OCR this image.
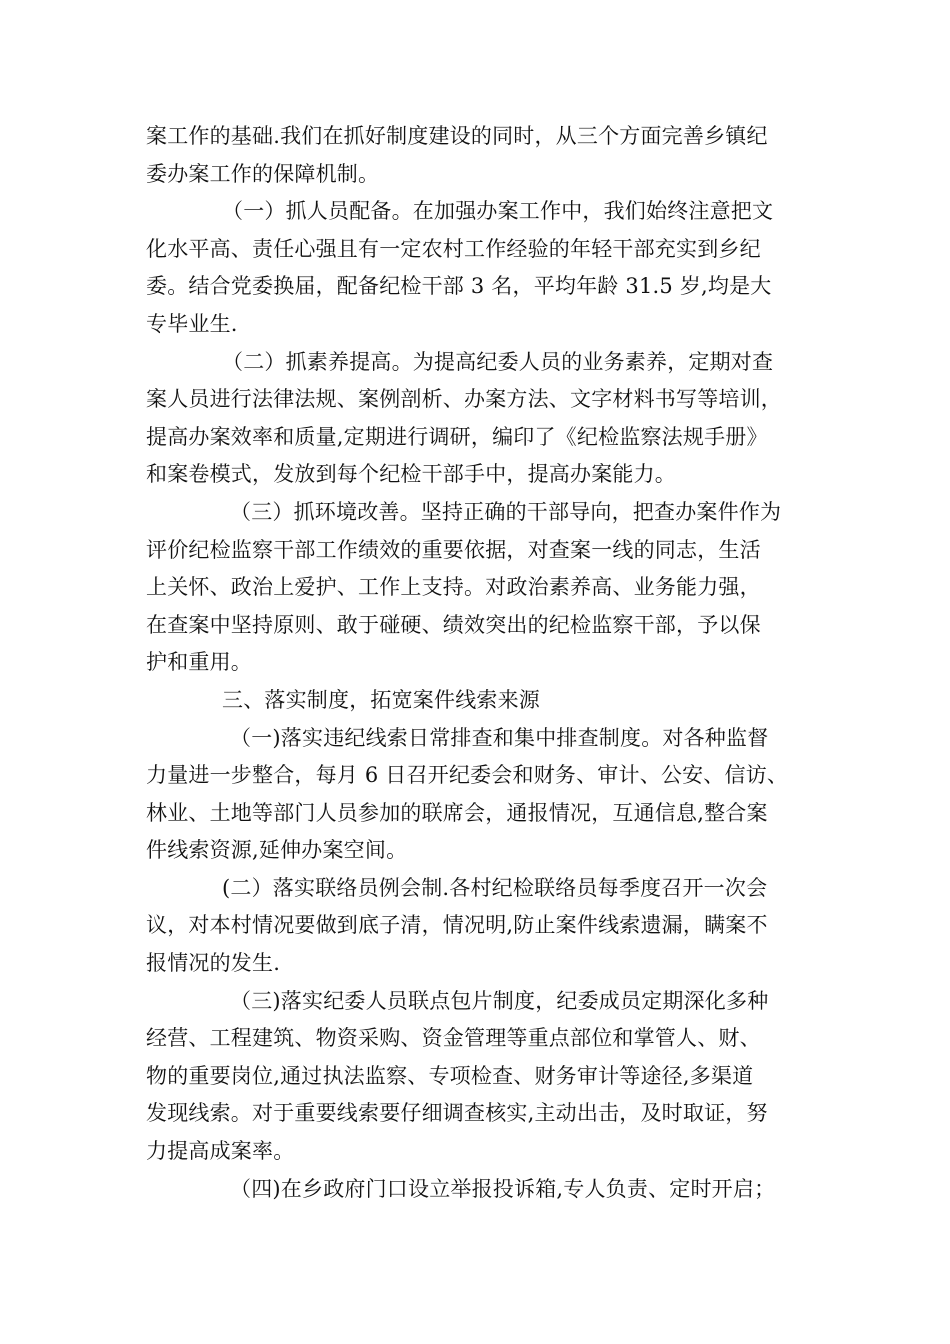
案工作的基础.我们在抓好制度建设的同时，从三个方面完善乡镇纪
委办案工作的保障机制。
（一）抓人员配备。在加强办案工作中，我们始终注意把文
化水平高、责任心强且有一定农村工作经验的年轻干部充实到乡纪
委。结合党委换届，配备纪检干部 3 名，平均年龄 31.5 岁,均是大
专毕业生.
（二）抓素养提高。为提高纪委人员的业务素养，定期对查
案人员进行法律法规、案例剖析、办案方法、文字材料书写等培训，
提高办案效率和质量,定期进行调研，编印了《纪检监察法规手册》
和案卷模式，发放到每个纪检干部手中，提高办案能力。
（三）抓环境改善。坚持正确的干部导向，把查办案件作为
评价纪检监察干部工作绩效的重要依据，对查案一线的同志，生活
上关怀、政治上爱护、工作上支持。对政治素养高、业务能力强，
在查案中坚持原则、敢于碰硬、绩效突出的纪检监察干部，予以保
护和重用。
三、落实制度，拓宽案件线索来源
（一)落实违纪线索日常排查和集中排查制度。对各种监督
力量进一步整合，每月 6 日召开纪委会和财务、审计、公安、信访、
林业、土地等部门人员参加的联席会，通报情况，互通信息,整合案
件线索资源,延伸办案空间。
(二）落实联络员例会制.各村纪检联络员每季度召开一次会
议，对本村情况要做到底子清，情况明,防止案件线索遗漏，瞒案不
报情况的发生.
（三)落实纪委人员联点包片制度，纪委成员定期深化多种
经营、工程建筑、物资采购、资金管理等重点部位和掌管人、财、
物的重要岗位,通过执法监察、专项检查、财务审计等途径,多渠道
发现线索。对于重要线索要仔细调查核实,主动出击，及时取证，努
力提高成案率。
（四)在乡政府门口设立举报投诉箱,专人负责、定时开启；
